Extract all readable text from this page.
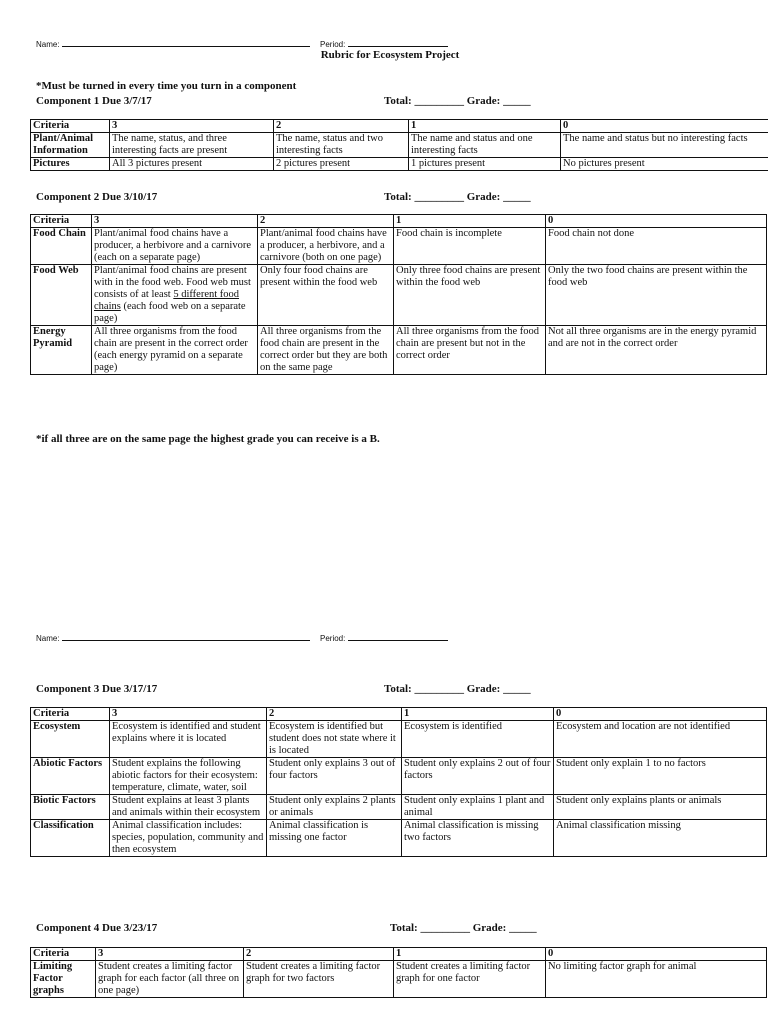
Name:	Period:
Rubric for Ecosystem Project
*Must be turned in every time you turn in a component
Component 1 Due 3/7/17	Total: _________ Grade: _____
Criteria	3	2	1	0
Plant/Animal Information	The name, status, and three interesting facts are present	The name, status and two interesting facts	The name and status and one interesting facts	The name and status but no interesting facts
Pictures	All 3 pictures present	2 pictures present	1 pictures present	No pictures present
Component 2 Due 3/10/17	Total: _________ Grade: _____
Criteria	3	2	1	0
Food Chain	Plant/animal food chains have a producer, a herbivore and a carnivore (each on a separate page)	Plant/animal food chains have a producer, a herbivore, and a carnivore (both on one page)	Food chain is incomplete	Food chain not done
Food Web	Plant/animal food chains are present with in the food web. Food web must consists of at least 5 different food chains (each food web on a separate page)	Only four food chains are present within the food web	Only three food chains are present within the food web	Only the two food chains are present within the food web
Energy Pyramid	All three organisms from the food chain are present in the correct order (each energy pyramid on a separate page)	All three organisms from the food chain are present in the correct order but they are both on the same page	All three organisms from the food chain are present but not in the correct order	Not all three organisms are in the energy pyramid and are not in the correct order
*if all three are on the same page the highest grade you can receive is a B.
Name:	Period:
Component 3 Due 3/17/17	Total: _________ Grade: _____
Criteria	3	2	1	0
Ecosystem	Ecosystem is identified and student explains where it is located	Ecosystem is identified but student does not state where it is located	Ecosystem is identified	Ecosystem and location are not identified
Abiotic Factors	Student explains the following abiotic factors for their ecosystem: temperature, climate, water, soil	Student only explains 3 out of four factors	Student only explains 2 out of four factors	Student only explain 1 to no factors
Biotic Factors	Student explains at least 3 plants and animals within their ecosystem	Student only explains 2 plants or animals	Student only explains 1 plant and animal	Student only explains plants or animals
Classification	Animal classification includes: species, population, community and then ecosystem	Animal classification is missing one factor	Animal classification is missing two factors	Animal classification missing
Component 4 Due 3/23/17	Total: _________ Grade: _____
Criteria	3	2	1	0
Limiting Factor graphs	Student creates a limiting factor graph for each factor (all three on one page)	Student creates a limiting factor graph for two factors	Student creates a limiting factor graph for one factor	No limiting factor graph for animal
